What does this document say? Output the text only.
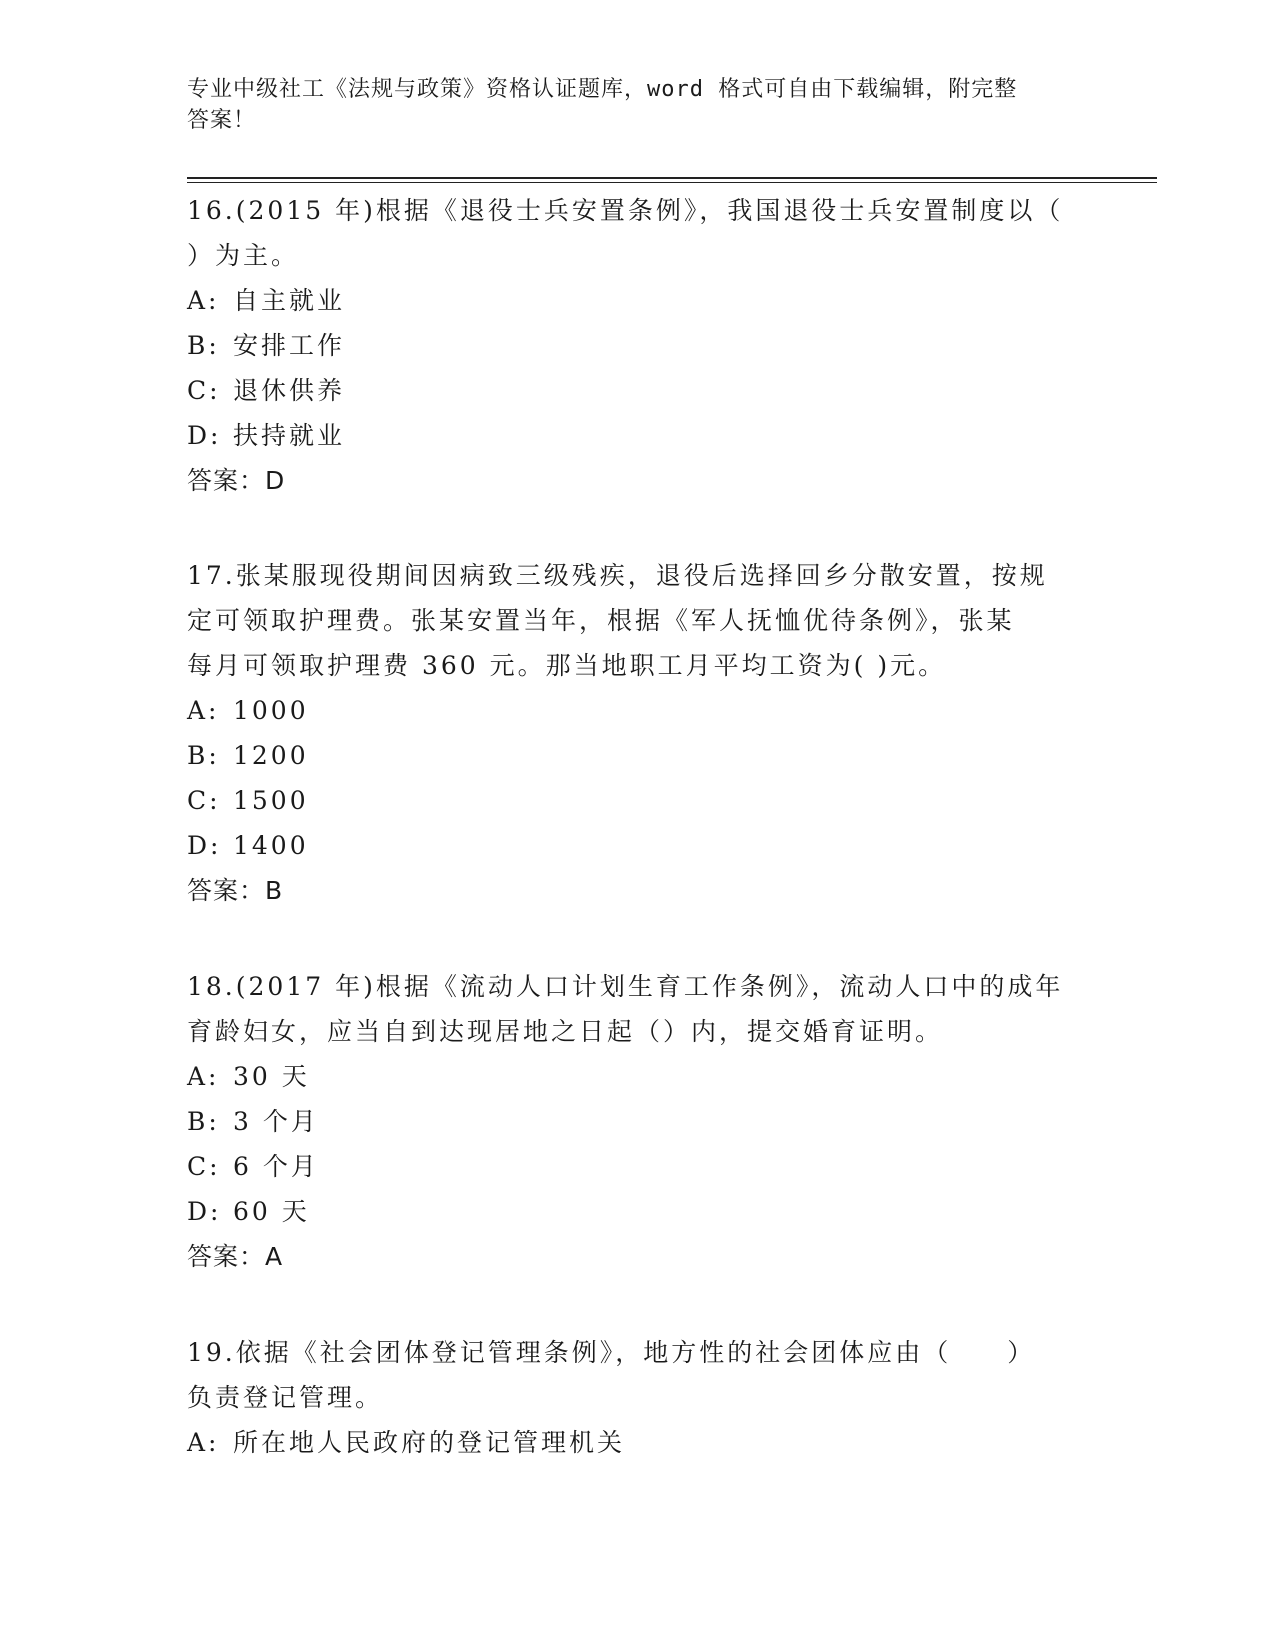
专业中级社工《法规与政策》资格认证题库，word 格式可自由下载编辑，附完整
答案！

16.(2015 年)根据《退役士兵安置条例》，我国退役士兵安置制度以（

）为主。

A: 自主就业

B: 安排工作

C: 退休供养

D: 扶持就业

答案：D

17.张某服现役期间因病致三级残疾，退役后选择回乡分散安置，按规

定可领取护理费。张某安置当年，根据《军人抚恤优待条例》，张某

每月可领取护理费 360 元。那当地职工月平均工资为( )元。

A: 1000

B: 1200

C: 1500

D: 1400

答案：B

18.(2017 年)根据《流动人口计划生育工作条例》，流动人口中的成年

育龄妇女，应当自到达现居地之日起（）内，提交婚育证明。

A: 30 天

B: 3 个月

C: 6 个月

D: 60 天

答案：A

19.依据《社会团体登记管理条例》，地方性的社会团体应由（　　）

负责登记管理。

A: 所在地人民政府的登记管理机关
